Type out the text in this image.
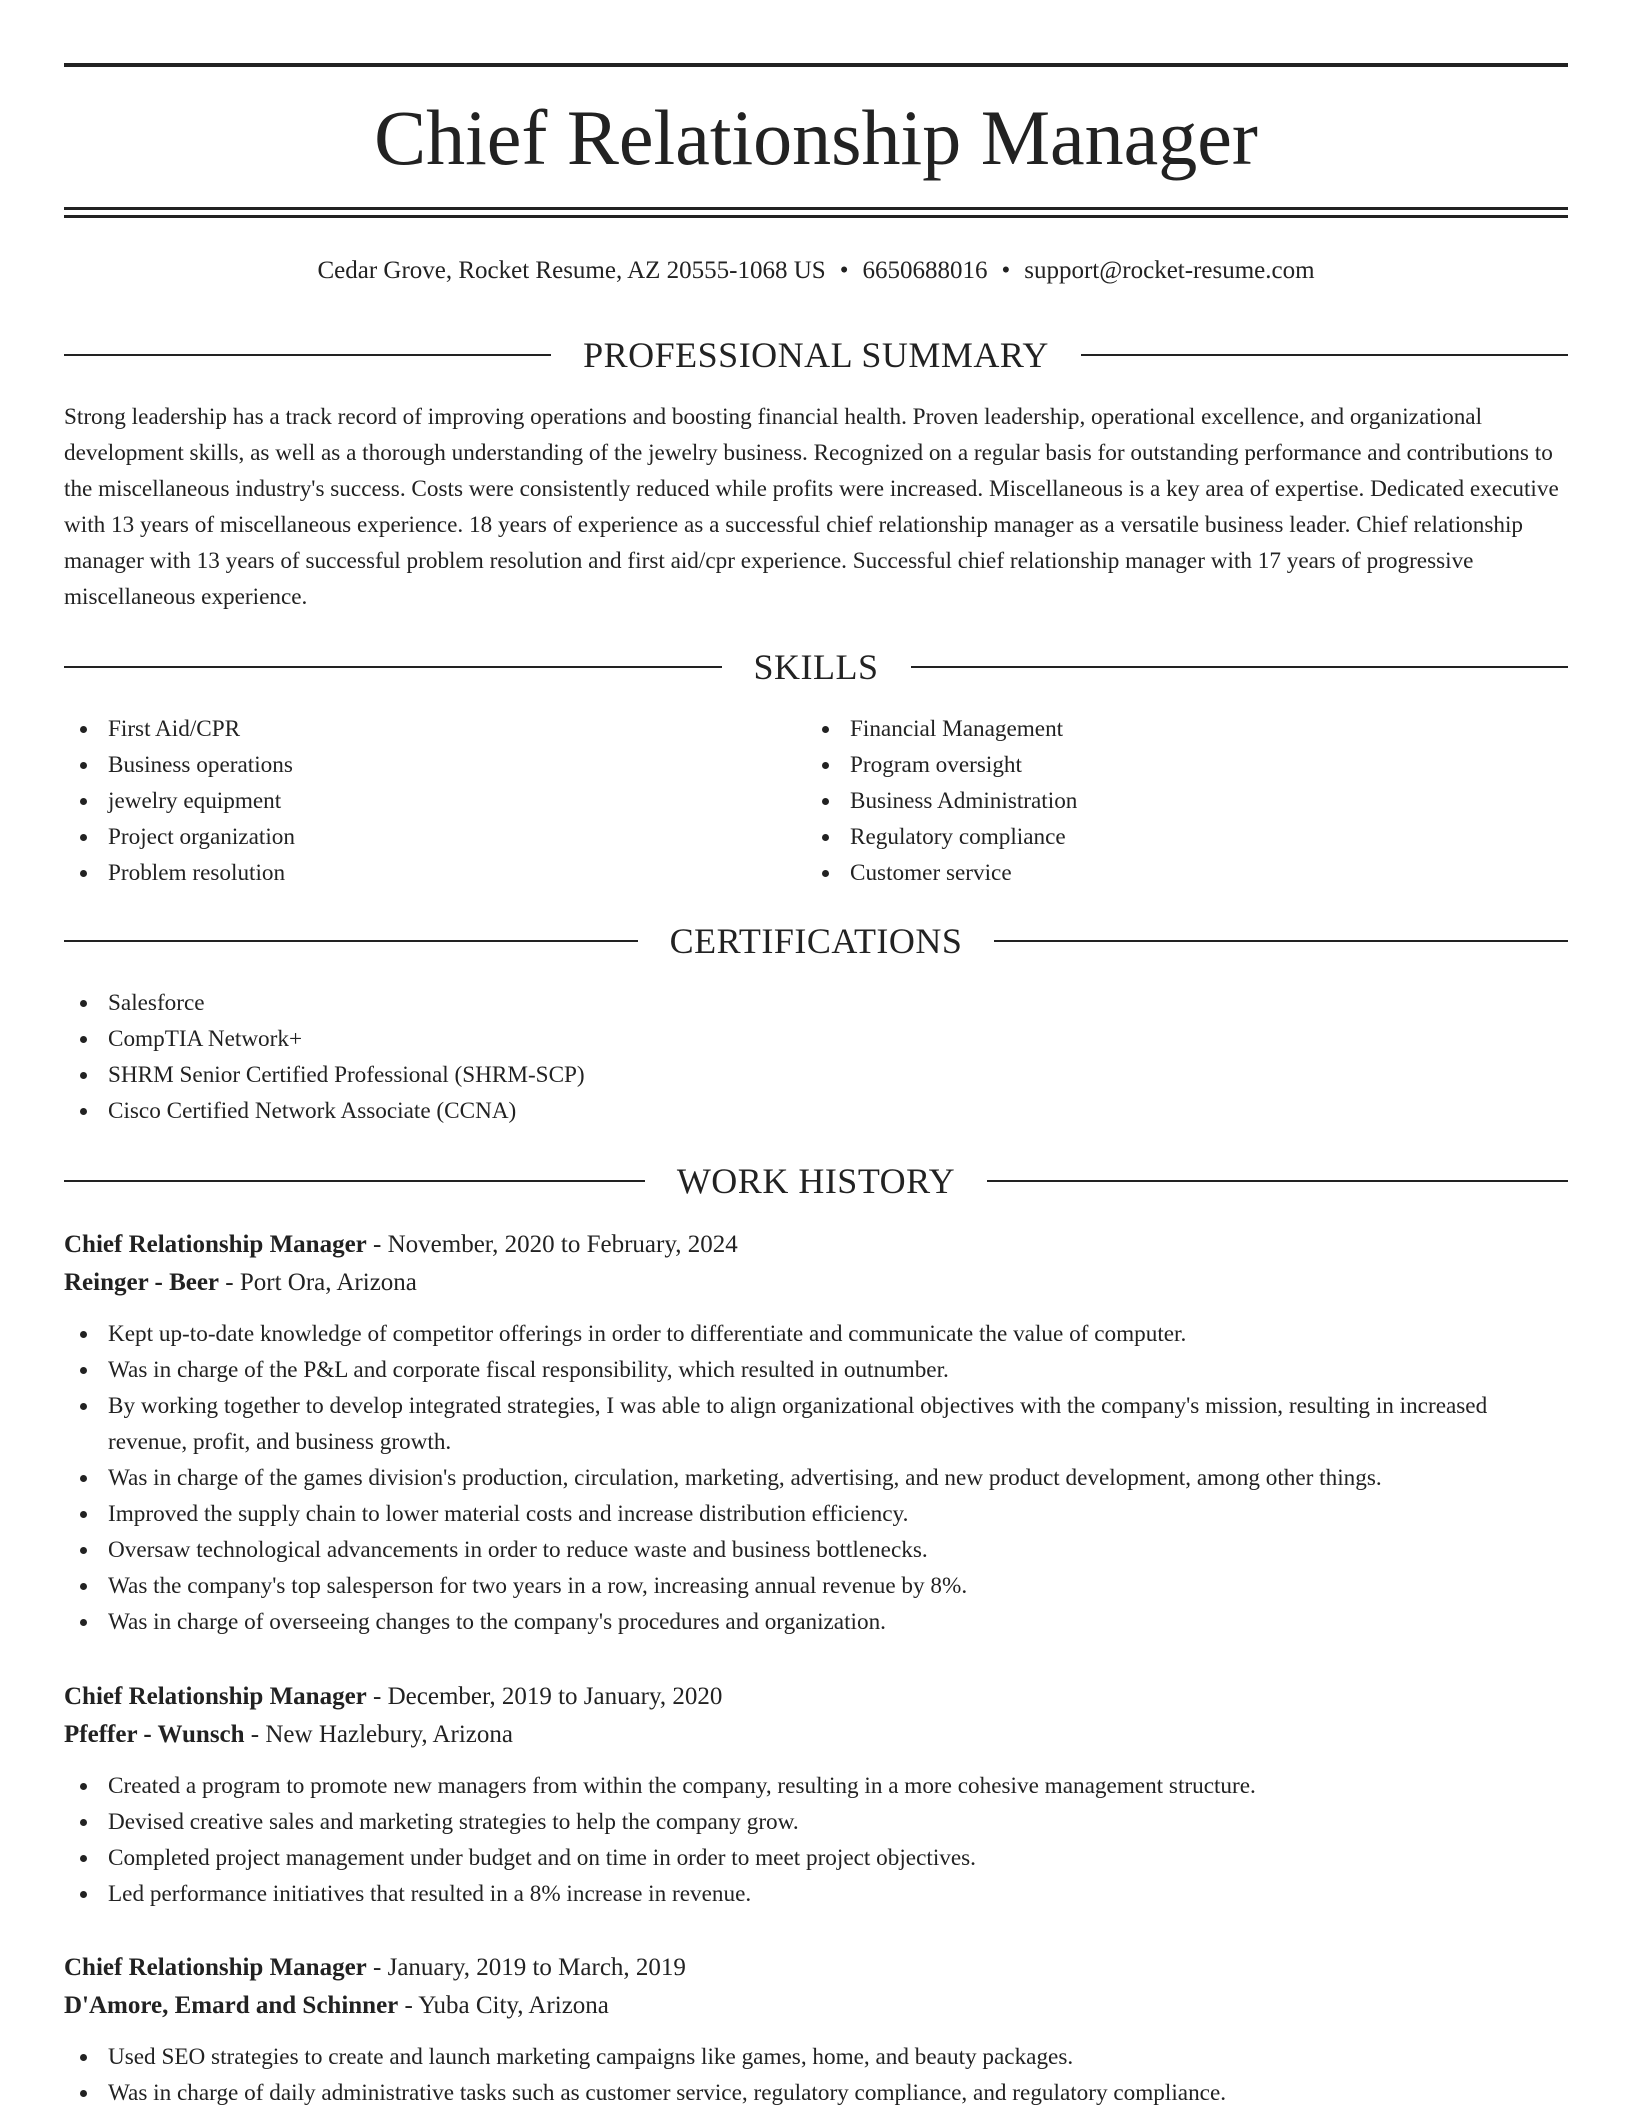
Chief Relationship Manager
Cedar Grove, Rocket Resume, AZ 20555-1068 US • 6650688016 • support@rocket-resume.com
PROFESSIONAL SUMMARY

Strong leadership has a track record of improving operations and boosting financial health. Proven leadership, operational excellence, and organizational development skills, as well as a thorough understanding of the jewelry business. Recognized on a regular basis for outstanding performance and contributions to the miscellaneous industry's success. Costs were consistently reduced while profits were increased. Miscellaneous is a key area of expertise. Dedicated executive with 13 years of miscellaneous experience. 18 years of experience as a successful chief relationship manager as a versatile business leader. Chief relationship manager with 13 years of successful problem resolution and first aid/cpr experience. Successful chief relationship manager with 17 years of progressive miscellaneous experience.

SKILLS
First Aid/CPR
Business operations
jewelry equipment
Project organization
Problem resolution
Financial Management
Program oversight
Business Administration
Regulatory compliance
Customer service
CERTIFICATIONS
Salesforce
CompTIA Network+
SHRM Senior Certified Professional (SHRM-SCP)
Cisco Certified Network Associate (CCNA)
WORK HISTORY
Chief Relationship Manager - November, 2020 to February, 2024
Reinger - Beer - Port Ora, Arizona
Kept up-to-date knowledge of competitor offerings in order to differentiate and communicate the value of computer.
Was in charge of the P&L and corporate fiscal responsibility, which resulted in outnumber.
By working together to develop integrated strategies, I was able to align organizational objectives with the company's mission, resulting in increased revenue, profit, and business growth.
Was in charge of the games division's production, circulation, marketing, advertising, and new product development, among other things.
Improved the supply chain to lower material costs and increase distribution efficiency.
Oversaw technological advancements in order to reduce waste and business bottlenecks.
Was the company's top salesperson for two years in a row, increasing annual revenue by 8%.
Was in charge of overseeing changes to the company's procedures and organization.
Chief Relationship Manager - December, 2019 to January, 2020
Pfeffer - Wunsch - New Hazlebury, Arizona
Created a program to promote new managers from within the company, resulting in a more cohesive management structure.
Devised creative sales and marketing strategies to help the company grow.
Completed project management under budget and on time in order to meet project objectives.
Led performance initiatives that resulted in a 8% increase in revenue.
Chief Relationship Manager - January, 2019 to March, 2019
D'Amore, Emard and Schinner - Yuba City, Arizona
Used SEO strategies to create and launch marketing campaigns like games, home, and beauty packages.
Was in charge of daily administrative tasks such as customer service, regulatory compliance, and regulatory compliance.
